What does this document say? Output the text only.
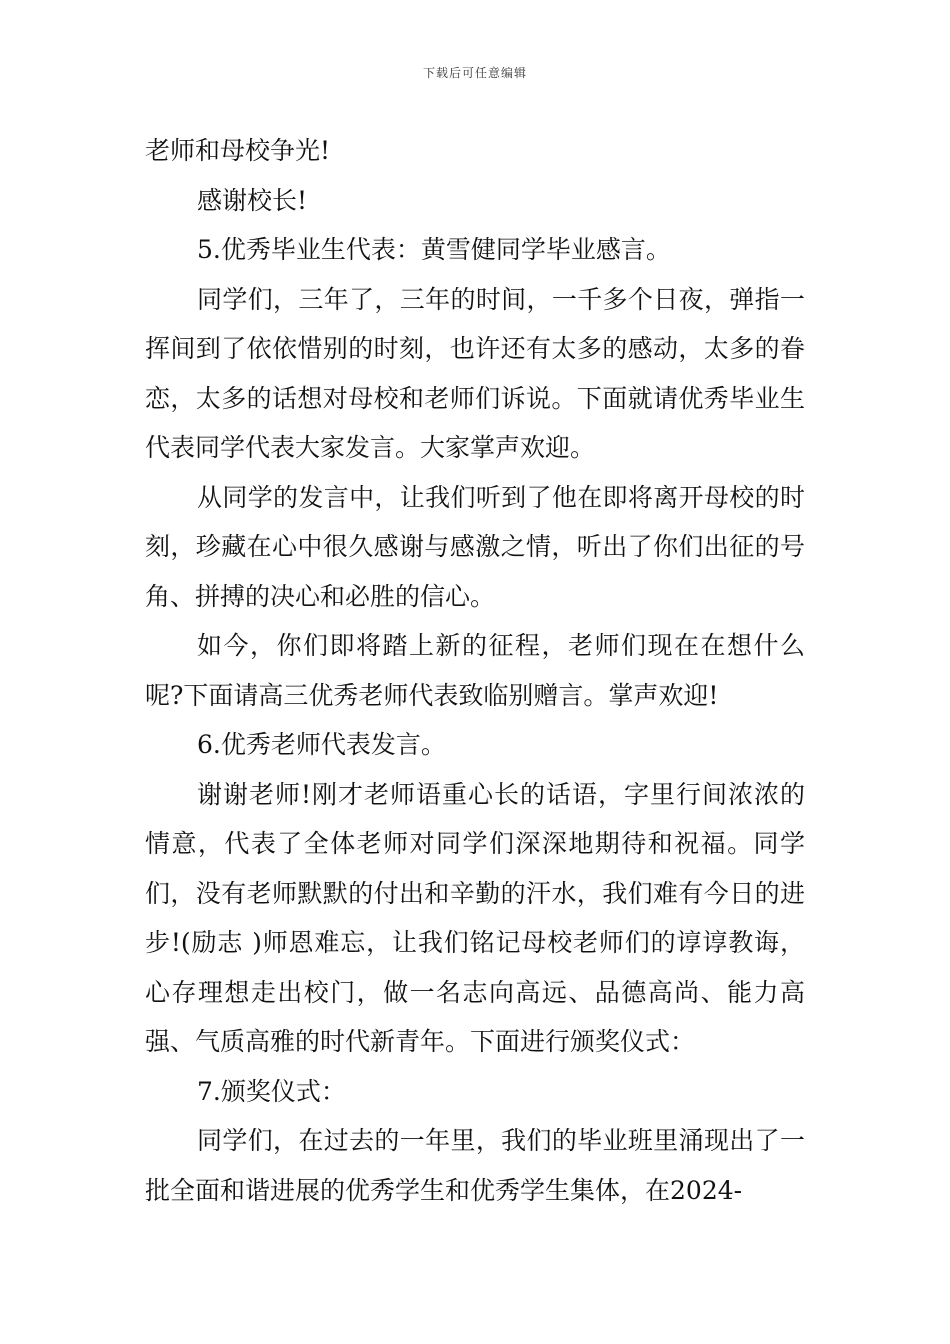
下载后可任意编辑

老师和母校争光!

感谢校长!

5.优秀毕业生代表：黄雪健同学毕业感言。

同学们，三年了，三年的时间，一千多个日夜，弹指一挥间到了依依惜别的时刻，也许还有太多的感动，太多的眷恋，太多的话想对母校和老师们诉说。下面就请优秀毕业生代表同学代表大家发言。大家掌声欢迎。

从同学的发言中，让我们听到了他在即将离开母校的时刻，珍藏在心中很久感谢与感激之情，听出了你们出征的号角、拼搏的决心和必胜的信心。

如今，你们即将踏上新的征程，老师们现在在想什么呢?下面请高三优秀老师代表致临别赠言。掌声欢迎!

6.优秀老师代表发言。

谢谢老师!刚才老师语重心长的话语，字里行间浓浓的情意，代表了全体老师对同学们深深地期待和祝福。同学们，没有老师默默的付出和辛勤的汗水，我们难有今日的进步!(励志 )师恩难忘，让我们铭记母校老师们的谆谆教诲，心存理想走出校门，做一名志向高远、品德高尚、能力高强、气质高雅的时代新青年。下面进行颁奖仪式：

7.颁奖仪式：

同学们，在过去的一年里，我们的毕业班里涌现出了一批全面和谐进展的优秀学生和优秀学生集体，在2024-
